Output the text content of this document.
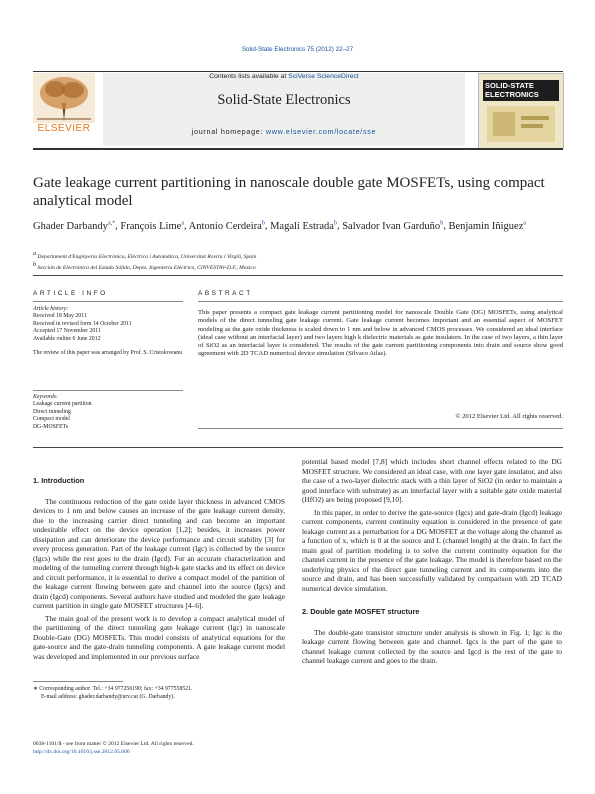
Solid-State Electronics 75 (2012) 22–27
ELSEVIER
Contents lists available at SciVerse ScienceDirect
Solid-State Electronics
journal homepage: www.elsevier.com/locate/sse
SOLID-STATE ELECTRONICS
Gate leakage current partitioning in nanoscale double gate MOSFETs, using compact analytical model
Ghader Darbandy$^{a,*}$, François Lime$^a$, Antonio Cerdeira$^b$, Magali Estrada$^b$, Salvador Ivan Garduño$^b$, Benjamin Iñiguez$^a$
$^a$ Departament d'Enginyeria Electrònica, Elèctrica i Automàtica, Universitat Rovira i Virgili, Spain
$^b$ Sección de Electrónica del Estado Sólido, Depto. Ingeniería Eléctrica, CINVESTAV-D.F., Mexico
ARTICLE INFO	ABSTRACT
Article history:
Received 18 May 2011
Received in revised form 14 October 2011
Accepted 17 November 2011
Available online 6 June 2012
The review of this paper was arranged by Prof. S. Cristoloveanu
Keywords:
Leakage current partition
Direct tunneling
Compact model
DG-MOSFETs
This paper presents a compact gate leakage current partitioning model for nanoscale Double Gate (DG) MOSFETs, using analytical models of the direct tunneling gate leakage current. Gate leakage current becomes important and an essential aspect of MOSFET modeling as the gate oxide thickness is scaled down to 1 nm and below in advanced CMOS processes. We considered an ideal interface (ideal case without an interfacial layer) and two layers high k dielectric materials as gate insulators. In the case of two layers, a thin layer of SiO2 as an interfacial layer is considered. The results of the gate current partitioning components into drain and source show good agreement with 2D TCAD numerical device simulation (Silvaco Atlas).
© 2012 Elsevier Ltd. All rights reserved.
1. Introduction

The continuous reduction of the gate oxide layer thickness in advanced CMOS devices to 1 nm and below causes an increase of the gate leakage current density, due to the increasing carrier direct tunneling and can become an important undesirable effect on the device operation [1,2]; besides, it increases power dissipation and can deteriorate the device performance and circuit stability [3] for every process generation. Part of the leakage current (Igc) is collected by the source (Igcs) while the rest goes to the drain (Igcd). For an accurate characterization and modeling of the tunneling current through high-k gate stacks and its effect on device and circuit performance, it is essential to derive a compact model of the partition of the leakage current flowing between gate and channel into the source (Igcs) and drain (Igcd) components. Several authors have studied and modeled the gate leakage current partition in single gate MOSFET structures [4–6].

The main goal of the present work is to develop a compact analytical model of the partitioning of the direct tunneling gate leakage current (Igc) in nanoscale Double-Gate (DG) MOSFETs. This model consists of analytical equations for the gate-source and the gate-drain tunneling components. A gate leakage current model was developed and implemented in our previous surface

potential based model [7,8] which includes short channel effects related to the DG MOSFET structure. We considered an ideal case, with one layer gate insulator, and also the case of a two-layer dielectric stack with a thin layer of SiO2 (in order to maintain a good interface with substrate) as an interfacial layer with a suitable gate oxide material (HfO2) are being proposed [9,10].

In this paper, in order to derive the gate-source (Igcs) and gate-drain (Igcd) leakage current components, current continuity equation is considered in the presence of gate leakage current as a perturbation for a DG MOSFET at the voltage along the channel as a function of x, which is 0 at the source and L (channel length) at the drain. In fact the main goal of partition modeling is to solve the current continuity equation for the channel current in the presence of the gate leakage. The model is therefore based on the underlying physics of the direct gate tunneling current and its components into the source and drain, and has been successfully validated by comparison with 2D TCAD numerical device simulation.

2. Double gate MOSFET structure

The double-gate transistor structure under analysis is shown in Fig. 1; Igc is the leakage current flowing between gate and channel. Igcs is the part of the gate to channel leakage current collected by the source and Igcd is the rest of the gate to channel leakage current and goes to the drain.

∗ Corresponding author. Tel.: +34 977256190; fax: +34 977558521.
E-mail address: ghader.darbandy@urv.cat (G. Darbandy).
0038-1101/$ - see front matter © 2012 Elsevier Ltd. All rights reserved.
http://dx.doi.org/10.1016/j.sse.2012.05.006
